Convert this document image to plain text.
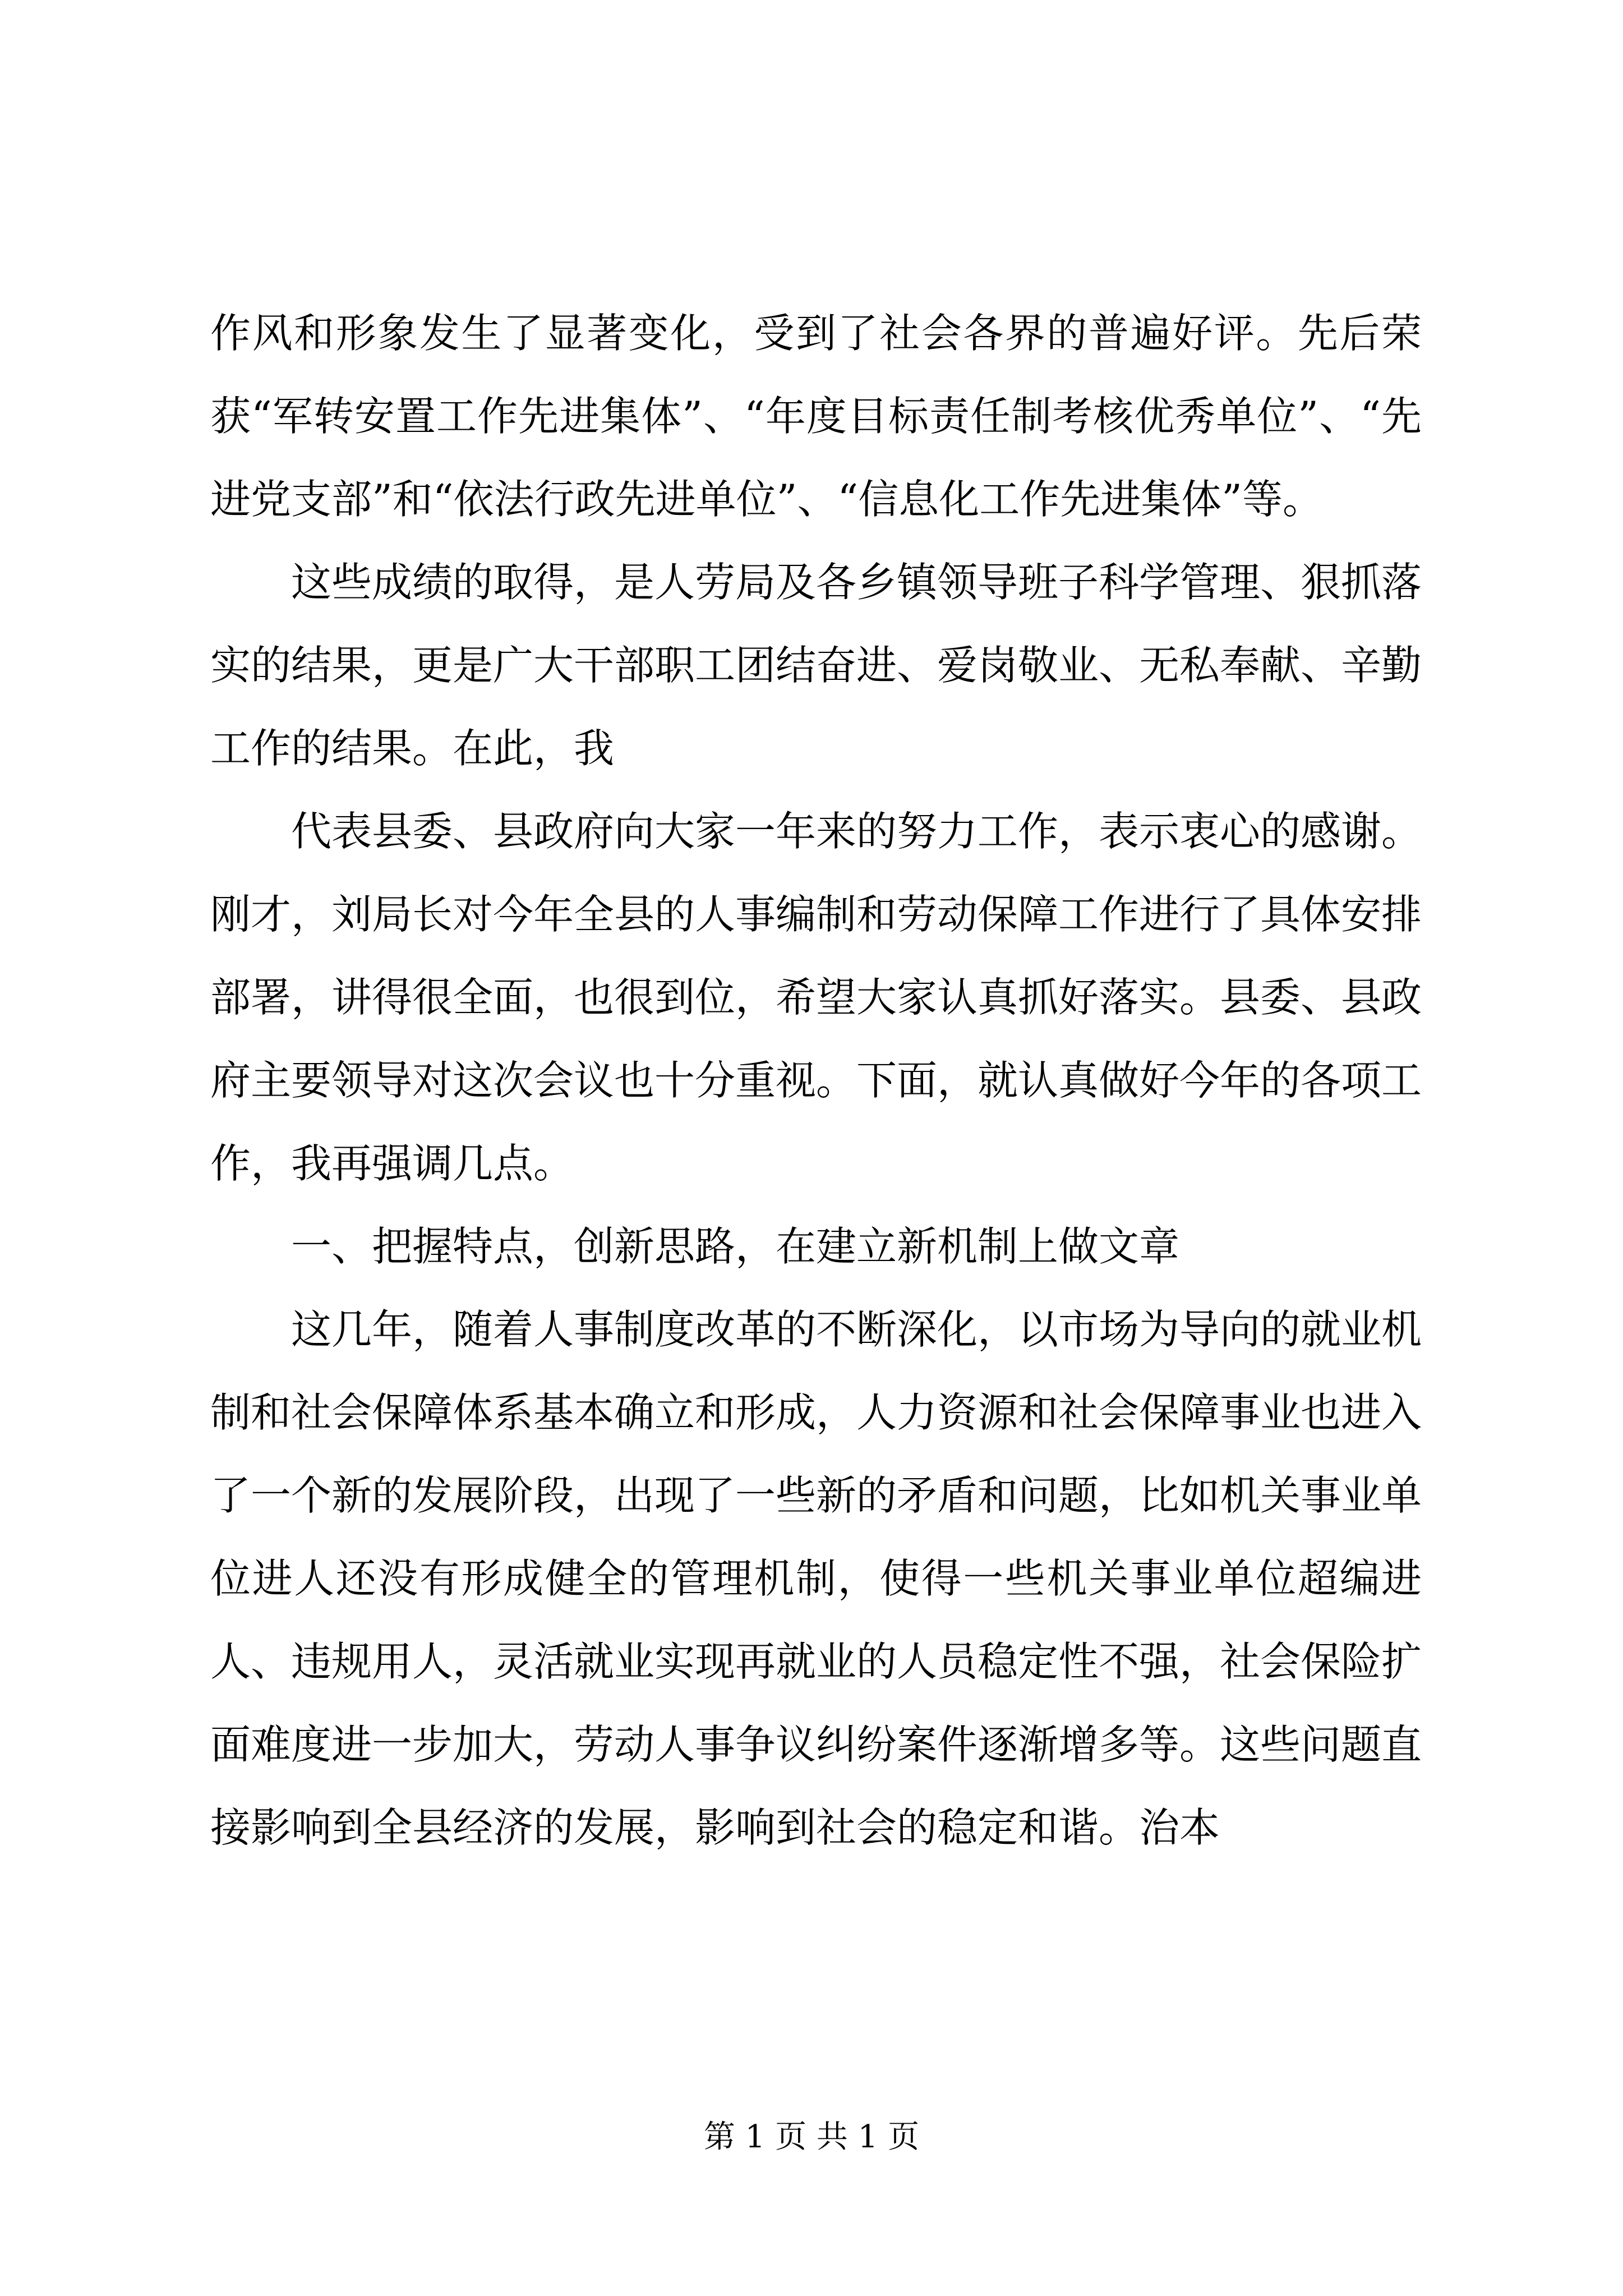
作风和形象发生了显著变化，受到了社会各界的普遍好评。先后荣获“军转安置工作先进集体”、“年度目标责任制考核优秀单位”、“先进党支部”和“依法行政先进单位”、“信息化工作先进集体”等。

这些成绩的取得，是人劳局及各乡镇领导班子科学管理、狠抓落实的结果，更是广大干部职工团结奋进、爱岗敬业、无私奉献、辛勤工作的结果。在此，我

代表县委、县政府向大家一年来的努力工作，表示衷心的感谢。刚才，刘局长对今年全县的人事编制和劳动保障工作进行了具体安排部署，讲得很全面，也很到位，希望大家认真抓好落实。县委、县政府主要领导对这次会议也十分重视。下面，就认真做好今年的各项工作，我再强调几点。

一、把握特点，创新思路，在建立新机制上做文章

这几年，随着人事制度改革的不断深化，以市场为导向的就业机制和社会保障体系基本确立和形成，人力资源和社会保障事业也进入了一个新的发展阶段，出现了一些新的矛盾和问题，比如机关事业单位进人还没有形成健全的管理机制，使得一些机关事业单位超编进人、违规用人，灵活就业实现再就业的人员稳定性不强，社会保险扩面难度进一步加大，劳动人事争议纠纷案件逐渐增多等。这些问题直接影响到全县经济的发展，影响到社会的稳定和谐。治本

第 1 页 共 1 页
